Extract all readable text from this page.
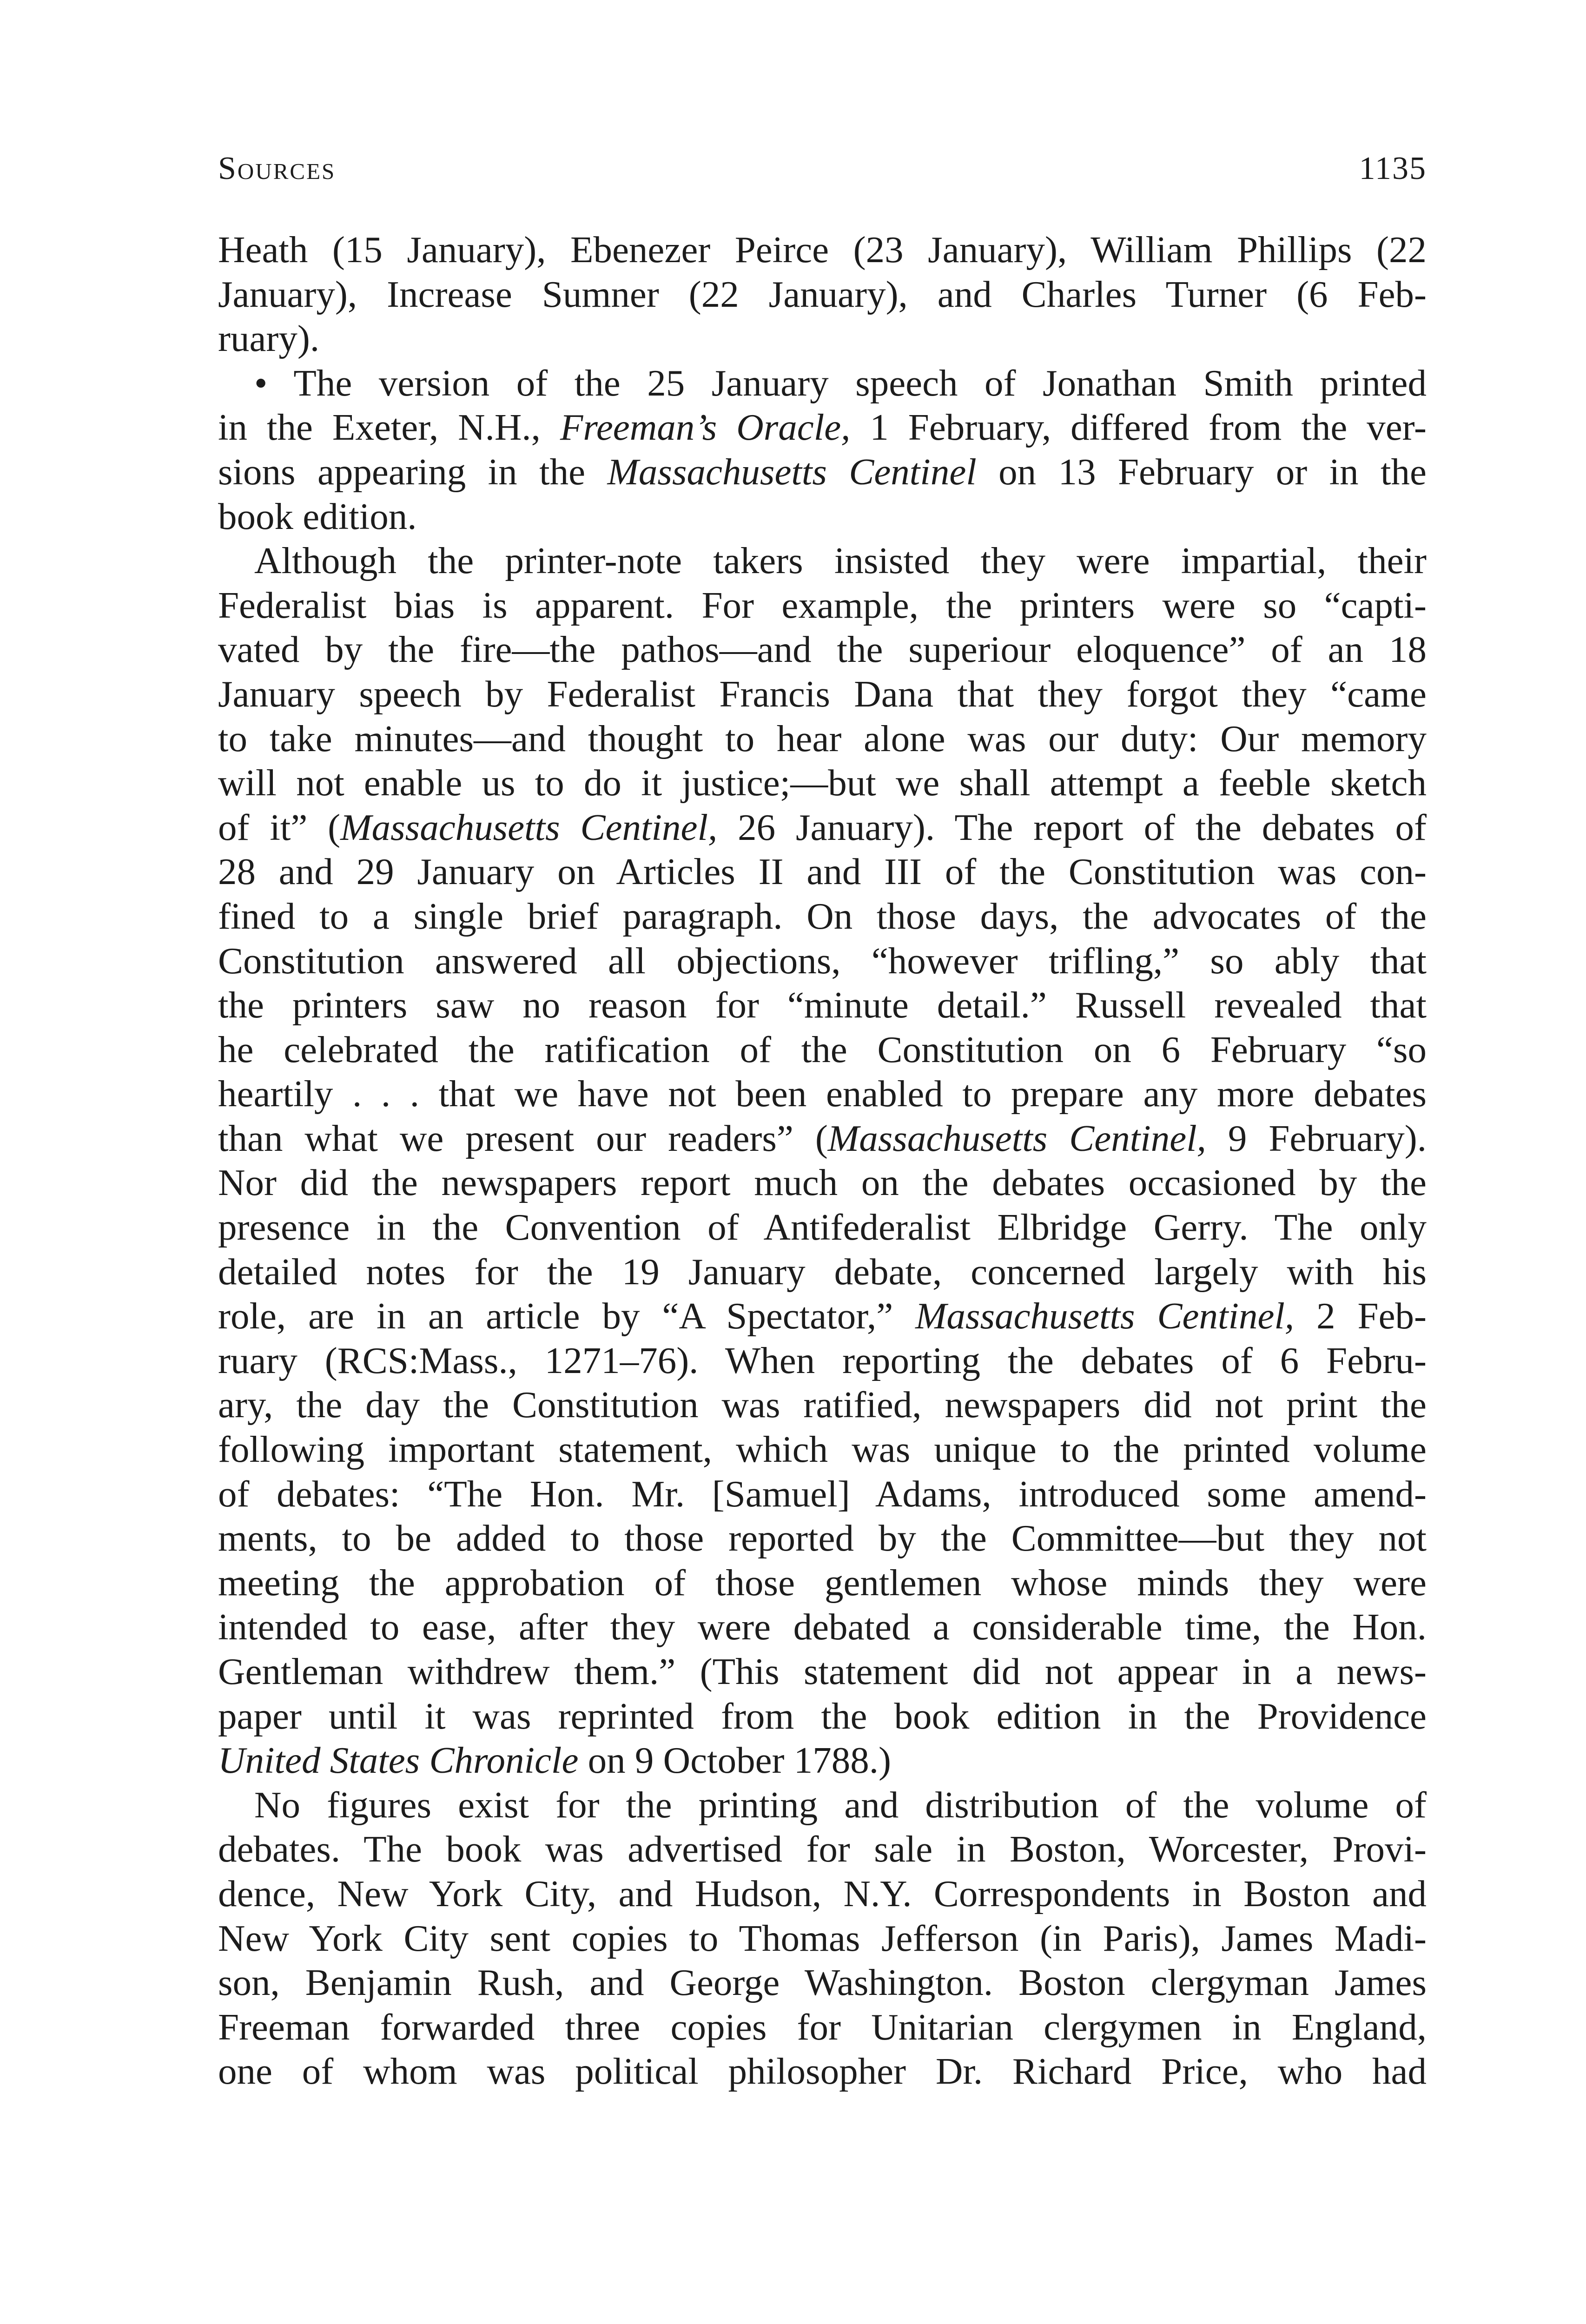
Sources	1135
Heath (15 January), Ebenezer Peirce (23 January), William Phillips (22
January), Increase Sumner (22 January), and Charles Turner (6 Feb-
ruary).
• The version of the 25 January speech of Jonathan Smith printed
in the Exeter, N.H., Freeman’s Oracle, 1 February, differed from the ver-
sions appearing in the Massachusetts Centinel on 13 February or in the
book edition.
Although the printer-note takers insisted they were impartial, their
Federalist bias is apparent. For example, the printers were so “capti-
vated by the fire—the pathos—and the superiour eloquence” of an 18
January speech by Federalist Francis Dana that they forgot they “came
to take minutes—and thought to hear alone was our duty: Our memory
will not enable us to do it justice;—but we shall attempt a feeble sketch
of it” (Massachusetts Centinel, 26 January). The report of the debates of
28 and 29 January on Articles II and III of the Constitution was con-
fined to a single brief paragraph. On those days, the advocates of the
Constitution answered all objections, “however trifling,” so ably that
the printers saw no reason for “minute detail.” Russell revealed that
he celebrated the ratification of the Constitution on 6 February “so
heartily . . . that we have not been enabled to prepare any more debates
than what we present our readers” (Massachusetts Centinel, 9 February).
Nor did the newspapers report much on the debates occasioned by the
presence in the Convention of Antifederalist Elbridge Gerry. The only
detailed notes for the 19 January debate, concerned largely with his
role, are in an article by “A Spectator,” Massachusetts Centinel, 2 Feb-
ruary (RCS:Mass., 1271–76). When reporting the debates of 6 Febru-
ary, the day the Constitution was ratified, newspapers did not print the
following important statement, which was unique to the printed volume
of debates: “The Hon. Mr. [Samuel] Adams, introduced some amend-
ments, to be added to those reported by the Committee—but they not
meeting the approbation of those gentlemen whose minds they were
intended to ease, after they were debated a considerable time, the Hon.
Gentleman withdrew them.” (This statement did not appear in a news-
paper until it was reprinted from the book edition in the Providence
United States Chronicle on 9 October 1788.)
No figures exist for the printing and distribution of the volume of
debates. The book was advertised for sale in Boston, Worcester, Provi-
dence, New York City, and Hudson, N.Y. Correspondents in Boston and
New York City sent copies to Thomas Jefferson (in Paris), James Madi-
son, Benjamin Rush, and George Washington. Boston clergyman James
Freeman forwarded three copies for Unitarian clergymen in England,
one of whom was political philosopher Dr. Richard Price, who had
